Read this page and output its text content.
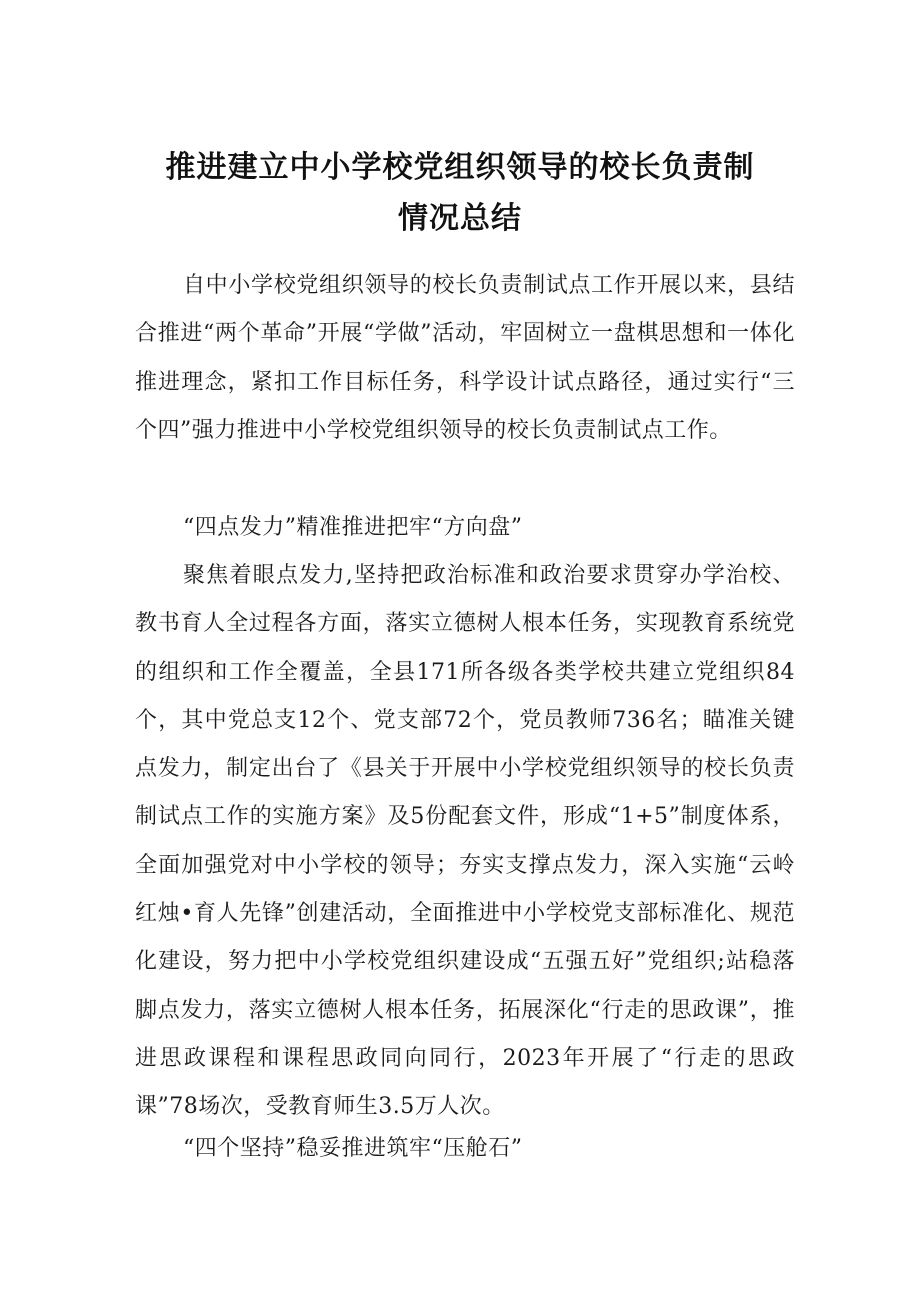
推进建立中小学校党组织领导的校长负责制
情况总结

自中小学校党组织领导的校长负责制试点工作开展以来，县结合推进“两个革命”开展“学做”活动，牢固树立一盘棋思想和一体化推进理念，紧扣工作目标任务，科学设计试点路径，通过实行“三个四”强力推进中小学校党组织领导的校长负责制试点工作。

“四点发力”精准推进把牢“方向盘”

聚焦着眼点发力,坚持把政治标准和政治要求贯穿办学治校、教书育人全过程各方面，落实立德树人根本任务，实现教育系统党的组织和工作全覆盖，全县171所各级各类学校共建立党组织84个，其中党总支12个、党支部72个，党员教师736名；瞄准关键点发力，制定出台了《县关于开展中小学校党组织领导的校长负责制试点工作的实施方案》及5份配套文件，形成“1+5”制度体系，全面加强党对中小学校的领导；夯实支撑点发力，深入实施“云岭红烛•育人先锋”创建活动，全面推进中小学校党支部标准化、规范化建设，努力把中小学校党组织建设成“五强五好”党组织;站稳落脚点发力，落实立德树人根本任务，拓展深化“行走的思政课”，推进思政课程和课程思政同向同行，2023年开展了“行走的思政课”78场次，受教育师生3.5万人次。

“四个坚持”稳妥推进筑牢“压舱石”
